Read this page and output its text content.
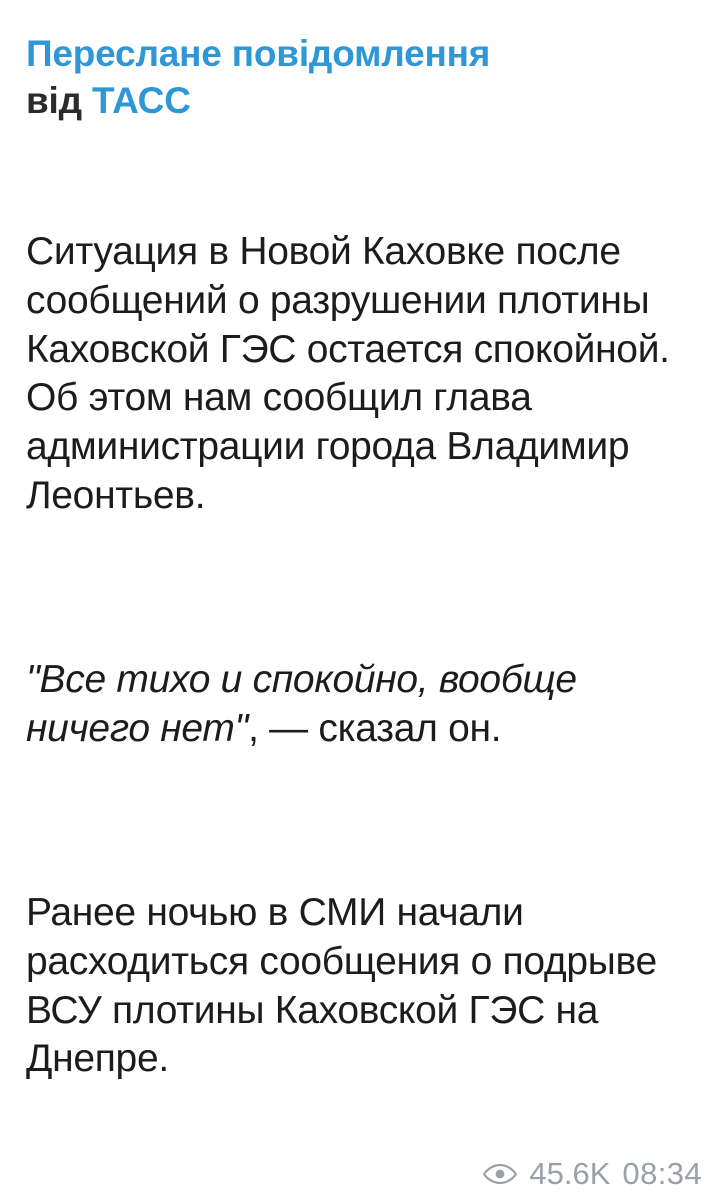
Переслане повідомлення
від ТАСС

Ситуация в Новой Каховке после сообщений о разрушении плотины Каховской ГЭС остается спокойной. Об этом нам сообщил глава администрации города Владимир Леонтьев.

"Все тихо и спокойно, вообще ничего нет", — сказал он.

Ранее ночью в СМИ начали расходиться сообщения о подрыве ВСУ плотины Каховской ГЭС на Днепре.

45.6K 08:34
